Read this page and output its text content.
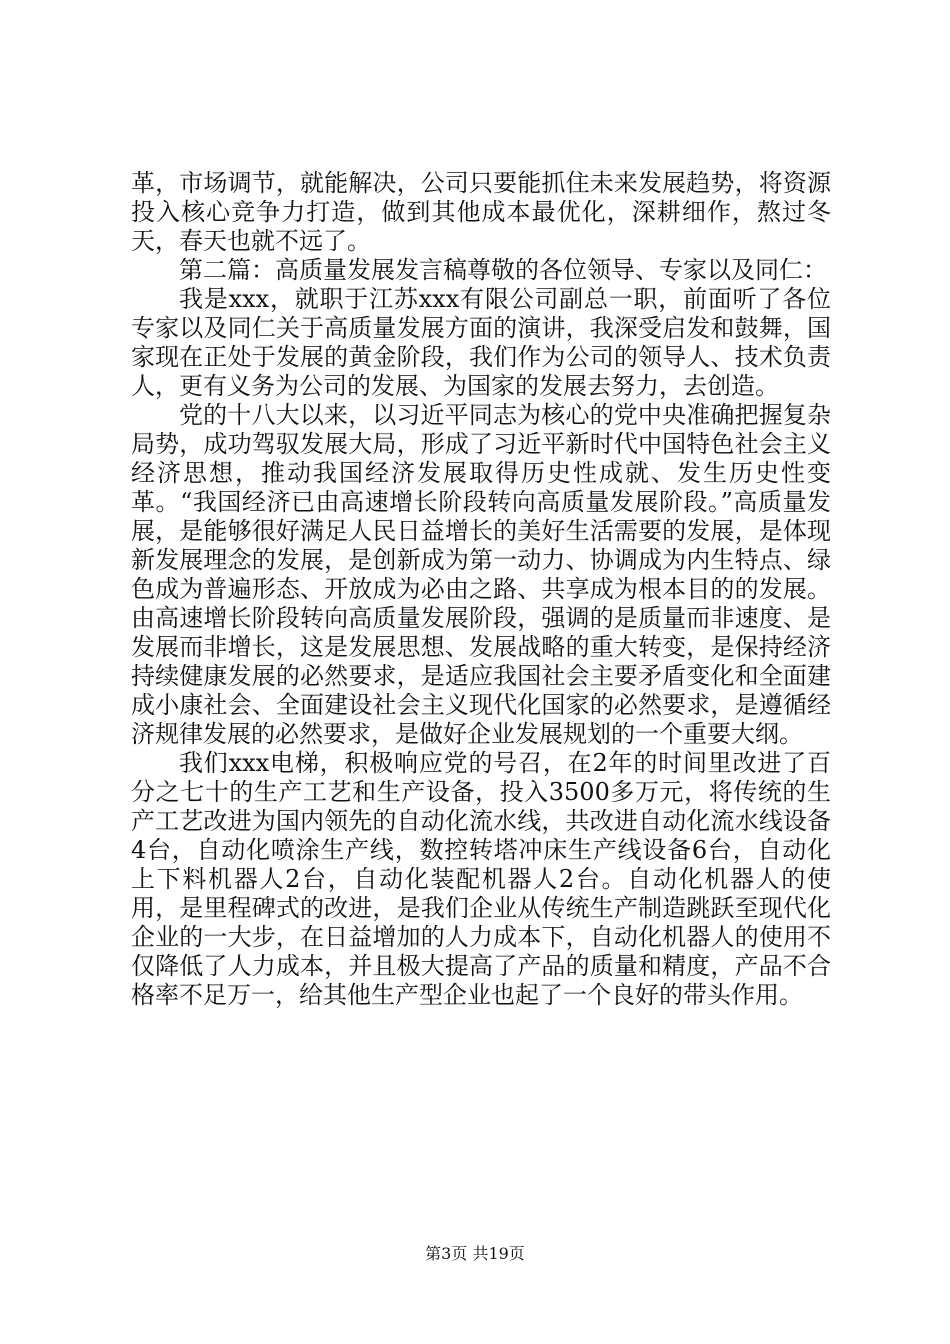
革，市场调节，就能解决，公司只要能抓住未来发展趋势，将资源投入核心竞争力打造，做到其他成本最优化，深耕细作，熬过冬天，春天也就不远了。

第二篇：高质量发展发言稿尊敬的各位领导、专家以及同仁：

我是xxx，就职于江苏xxx有限公司副总一职，前面听了各位专家以及同仁关于高质量发展方面的演讲，我深受启发和鼓舞，国家现在正处于发展的黄金阶段，我们作为公司的领导人、技术负责人，更有义务为公司的发展、为国家的发展去努力，去创造。

党的十八大以来，以习近平同志为核心的党中央准确把握复杂局势，成功驾驭发展大局，形成了习近平新时代中国特色社会主义经济思想，推动我国经济发展取得历史性成就、发生历史性变革。“我国经济已由高速增长阶段转向高质量发展阶段。”高质量发展，是能够很好满足人民日益增长的美好生活需要的发展，是体现新发展理念的发展，是创新成为第一动力、协调成为内生特点、绿色成为普遍形态、开放成为必由之路、共享成为根本目的的发展。由高速增长阶段转向高质量发展阶段，强调的是质量而非速度、是发展而非增长，这是发展思想、发展战略的重大转变，是保持经济持续健康发展的必然要求，是适应我国社会主要矛盾变化和全面建成小康社会、全面建设社会主义现代化国家的必然要求，是遵循经济规律发展的必然要求，是做好企业发展规划的一个重要大纲。

我们xxx电梯，积极响应党的号召，在2年的时间里改进了百分之七十的生产工艺和生产设备，投入3500多万元，将传统的生产工艺改进为国内领先的自动化流水线，共改进自动化流水线设备4台，自动化喷涂生产线，数控转塔冲床生产线设备6台，自动化上下料机器人2台，自动化装配机器人2台。自动化机器人的使用，是里程碑式的改进，是我们企业从传统生产制造跳跃至现代化企业的一大步，在日益增加的人力成本下，自动化机器人的使用不仅降低了人力成本，并且极大提高了产品的质量和精度，产品不合格率不足万一，给其他生产型企业也起了一个良好的带头作用。

第3页 共19页
